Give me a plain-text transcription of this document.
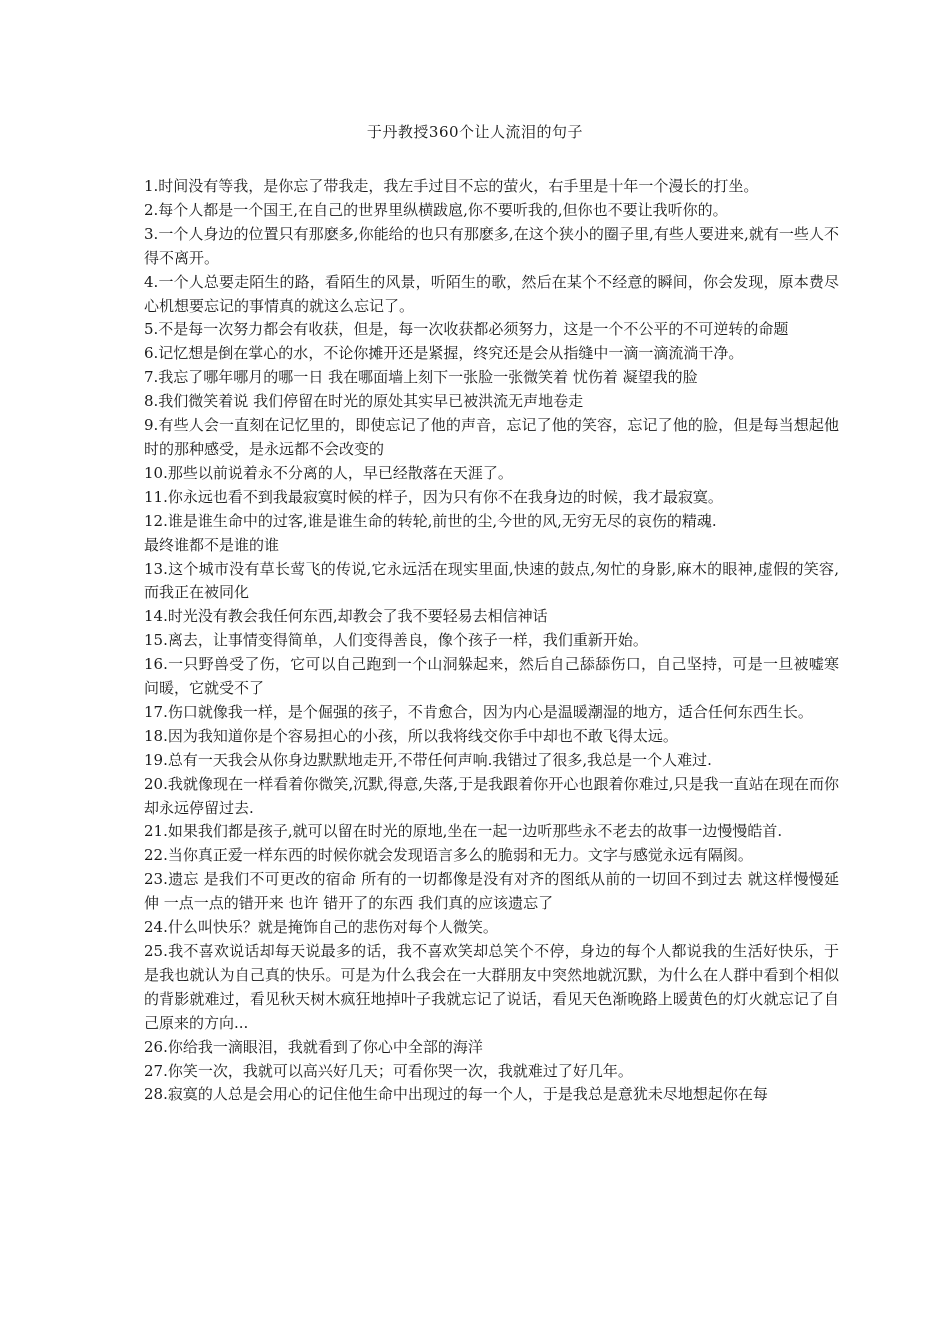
于丹教授360个让人流泪的句子

1.时间没有等我，是你忘了带我走，我左手过目不忘的萤火，右手里是十年一个漫长的打坐。

2.每个人都是一个国王,在自己的世界里纵横跋扈,你不要听我的,但你也不要让我听你的。

3.一个人身边的位置只有那麽多,你能给的也只有那麽多,在这个狭小的圈子里,有些人要进来,就有一些人不得不离开。

4.一个人总要走陌生的路，看陌生的风景，听陌生的歌，然后在某个不经意的瞬间，你会发现，原本费尽心机想要忘记的事情真的就这么忘记了。

5.不是每一次努力都会有收获，但是，每一次收获都必须努力，这是一个不公平的不可逆转的命题

6.记忆想是倒在掌心的水，不论你摊开还是紧握，终究还是会从指缝中一滴一滴流淌干净。

7.我忘了哪年哪月的哪一日 我在哪面墙上刻下一张脸一张微笑着 忧伤着 凝望我的脸

8.我们微笑着说 我们停留在时光的原处其实早已被洪流无声地卷走

9.有些人会一直刻在记忆里的，即使忘记了他的声音，忘记了他的笑容，忘记了他的脸，但是每当想起他时的那种感受，是永远都不会改变的

10.那些以前说着永不分离的人，早已经散落在天涯了。

11.你永远也看不到我最寂寞时候的样子，因为只有你不在我身边的时候，我才最寂寞。

12.谁是谁生命中的过客,谁是谁生命的转轮,前世的尘,今世的风,无穷无尽的哀伤的精魂.

最终谁都不是谁的谁

13.这个城市没有草长莺飞的传说,它永远活在现实里面,快速的鼓点,匆忙的身影,麻木的眼神,虚假的笑容,而我正在被同化

14.时光没有教会我任何东西,却教会了我不要轻易去相信神话

15.离去，让事情变得简单，人们变得善良，像个孩子一样，我们重新开始。

16.一只野兽受了伤，它可以自己跑到一个山洞躲起来，然后自己舔舔伤口，自己坚持，可是一旦被嘘寒问暖，它就受不了

17.伤口就像我一样，是个倔强的孩子，不肯愈合，因为内心是温暖潮湿的地方，适合任何东西生长。

18.因为我知道你是个容易担心的小孩，所以我将线交你手中却也不敢飞得太远。

19.总有一天我会从你身边默默地走开,不带任何声响.我错过了很多,我总是一个人难过.

20.我就像现在一样看着你微笑,沉默,得意,失落,于是我跟着你开心也跟着你难过,只是我一直站在现在而你却永远停留过去.

21.如果我们都是孩子,就可以留在时光的原地,坐在一起一边听那些永不老去的故事一边慢慢皓首.

22.当你真正爱一样东西的时候你就会发现语言多么的脆弱和无力。文字与感觉永远有隔阂。

23.遗忘 是我们不可更改的宿命 所有的一切都像是没有对齐的图纸从前的一切回不到过去 就这样慢慢延伸 一点一点的错开来 也许 错开了的东西 我们真的应该遗忘了

24.什么叫快乐？就是掩饰自己的悲伤对每个人微笑。

25.我不喜欢说话却每天说最多的话，我不喜欢笑却总笑个不停，身边的每个人都说我的生活好快乐，于是我也就认为自己真的快乐。可是为什么我会在一大群朋友中突然地就沉默，为什么在人群中看到个相似的背影就难过，看见秋天树木疯狂地掉叶子我就忘记了说话，看见天色渐晚路上暖黄色的灯火就忘记了自己原来的方向...

26.你给我一滴眼泪，我就看到了你心中全部的海洋

27.你笑一次，我就可以高兴好几天；可看你哭一次，我就难过了好几年。

28.寂寞的人总是会用心的记住他生命中出现过的每一个人，于是我总是意犹未尽地想起你在每
